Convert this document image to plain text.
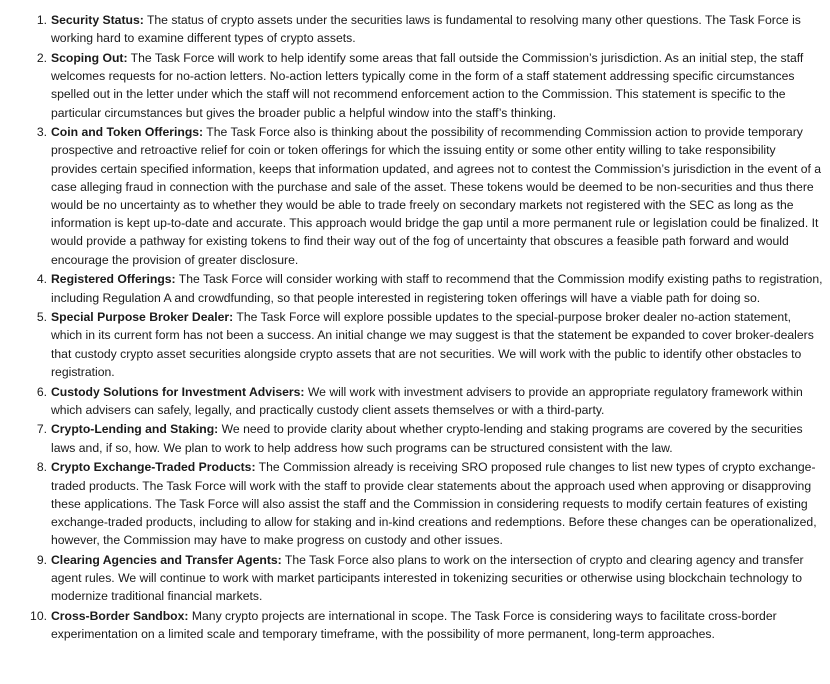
1. Security Status: The status of crypto assets under the securities laws is fundamental to resolving many other questions. The Task Force is working hard to examine different types of crypto assets.
2. Scoping Out: The Task Force will work to help identify some areas that fall outside the Commission’s jurisdiction. As an initial step, the staff welcomes requests for no-action letters. No-action letters typically come in the form of a staff statement addressing specific circumstances spelled out in the letter under which the staff will not recommend enforcement action to the Commission. This statement is specific to the particular circumstances but gives the broader public a helpful window into the staff’s thinking.
3. Coin and Token Offerings: The Task Force also is thinking about the possibility of recommending Commission action to provide temporary prospective and retroactive relief for coin or token offerings for which the issuing entity or some other entity willing to take responsibility provides certain specified information, keeps that information updated, and agrees not to contest the Commission’s jurisdiction in the event of a case alleging fraud in connection with the purchase and sale of the asset. These tokens would be deemed to be non-securities and thus there would be no uncertainty as to whether they would be able to trade freely on secondary markets not registered with the SEC as long as the information is kept up-to-date and accurate. This approach would bridge the gap until a more permanent rule or legislation could be finalized. It would provide a pathway for existing tokens to find their way out of the fog of uncertainty that obscures a feasible path forward and would encourage the provision of greater disclosure.
4. Registered Offerings: The Task Force will consider working with staff to recommend that the Commission modify existing paths to registration, including Regulation A and crowdfunding, so that people interested in registering token offerings will have a viable path for doing so.
5. Special Purpose Broker Dealer: The Task Force will explore possible updates to the special-purpose broker dealer no-action statement, which in its current form has not been a success. An initial change we may suggest is that the statement be expanded to cover broker-dealers that custody crypto asset securities alongside crypto assets that are not securities. We will work with the public to identify other obstacles to registration.
6. Custody Solutions for Investment Advisers: We will work with investment advisers to provide an appropriate regulatory framework within which advisers can safely, legally, and practically custody client assets themselves or with a third-party.
7. Crypto-Lending and Staking: We need to provide clarity about whether crypto-lending and staking programs are covered by the securities laws and, if so, how. We plan to work to help address how such programs can be structured consistent with the law.
8. Crypto Exchange-Traded Products: The Commission already is receiving SRO proposed rule changes to list new types of crypto exchange-traded products. The Task Force will work with the staff to provide clear statements about the approach used when approving or disapproving these applications. The Task Force will also assist the staff and the Commission in considering requests to modify certain features of existing exchange-traded products, including to allow for staking and in-kind creations and redemptions. Before these changes can be operationalized, however, the Commission may have to make progress on custody and other issues.
9. Clearing Agencies and Transfer Agents: The Task Force also plans to work on the intersection of crypto and clearing agency and transfer agent rules. We will continue to work with market participants interested in tokenizing securities or otherwise using blockchain technology to modernize traditional financial markets.
10. Cross-Border Sandbox: Many crypto projects are international in scope. The Task Force is considering ways to facilitate cross-border experimentation on a limited scale and temporary timeframe, with the possibility of more permanent, long-term approaches.
